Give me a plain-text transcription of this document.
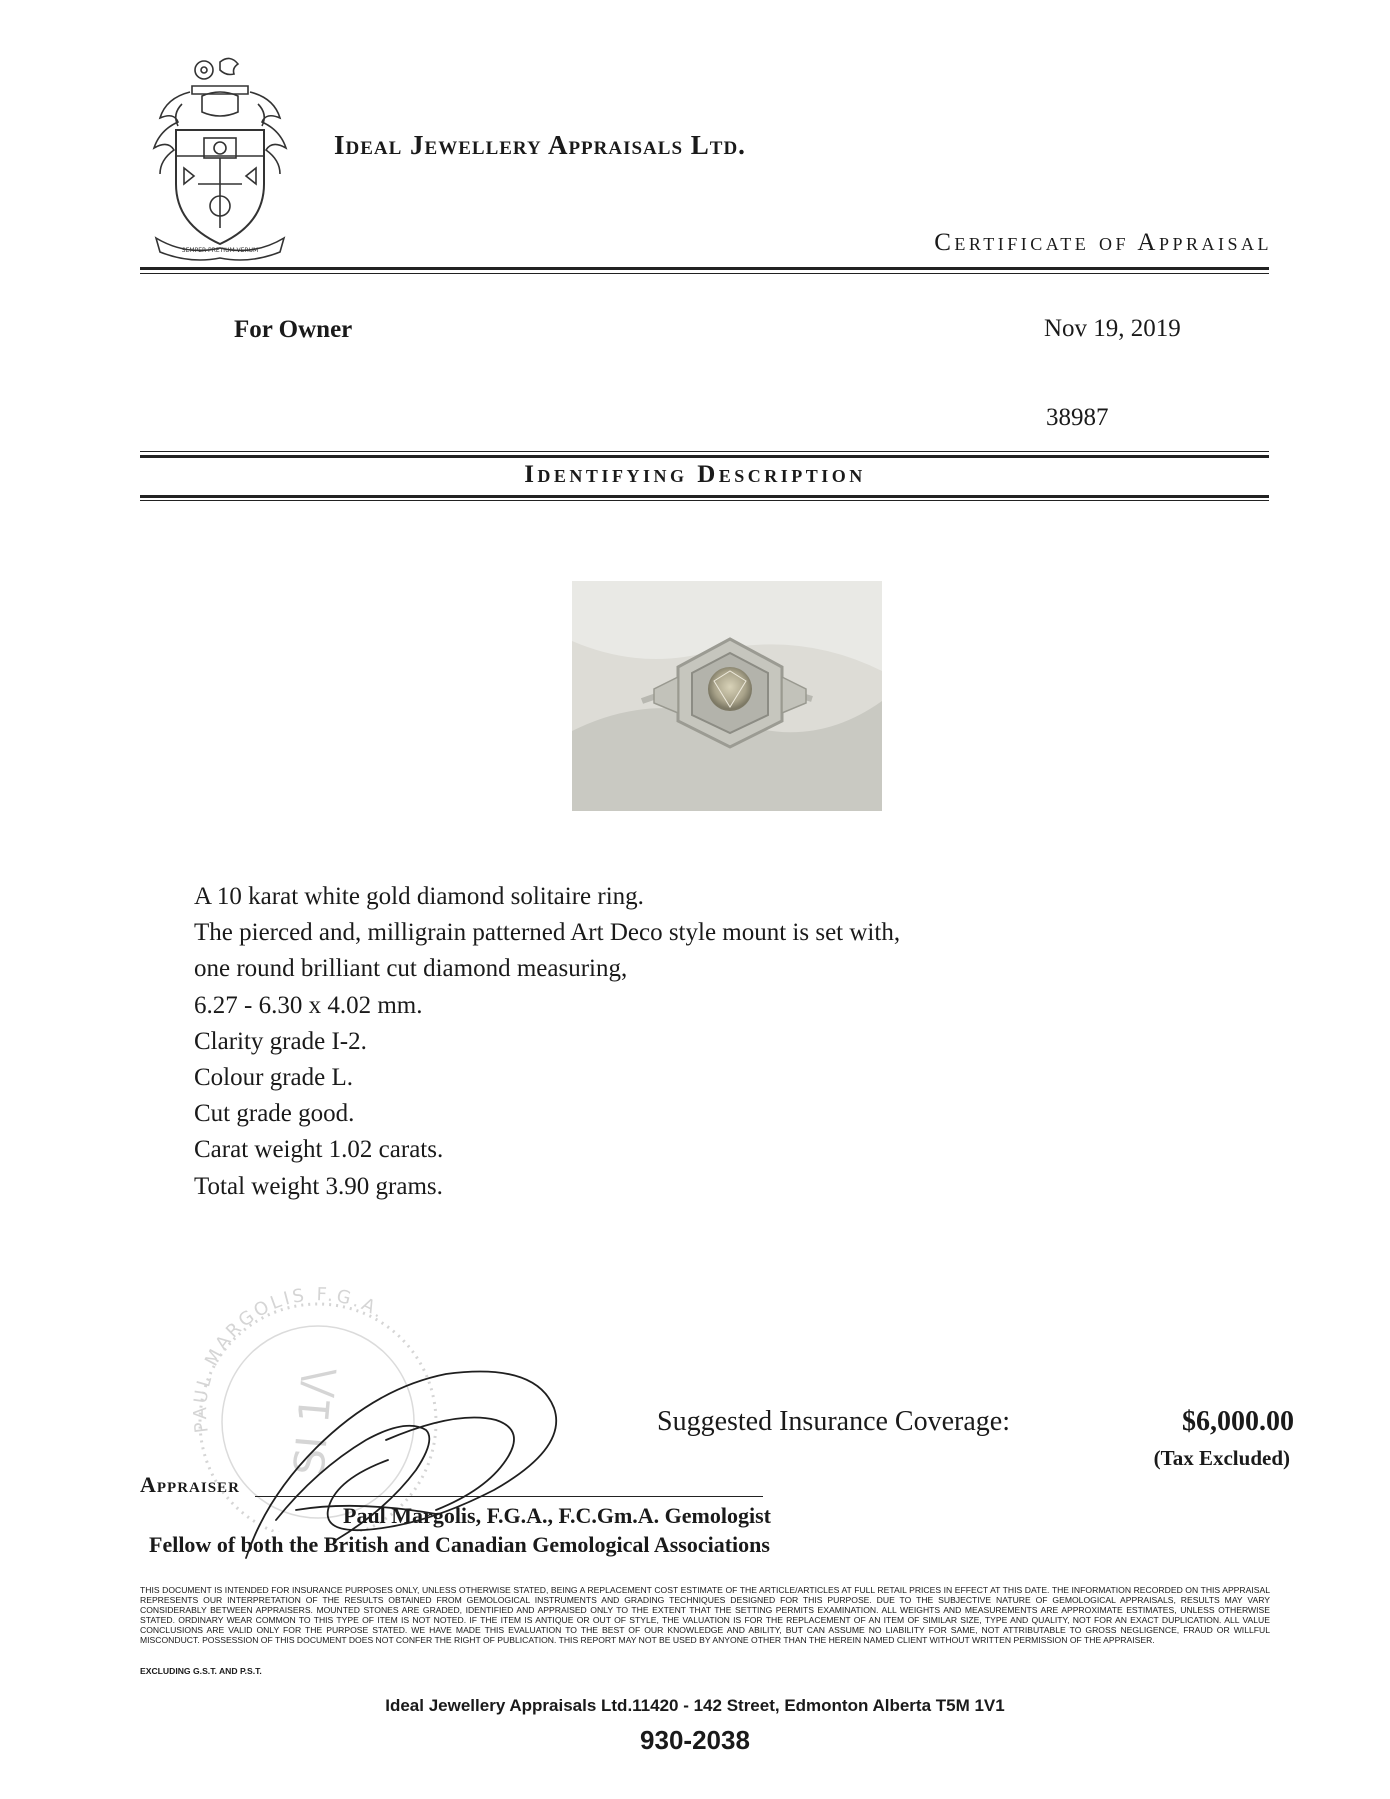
SEMPER PRETIUM VERUM
Ideal Jewellery Appraisals Ltd.
Certificate of Appraisal
For Owner	Nov 19, 2019
38987
Identifying Description
A 10 karat white gold diamond solitaire ring.
The pierced and, milligrain patterned Art Deco style mount is set with,
one round brilliant cut diamond measuring,
6.27 - 6.30 x 4.02 mm.
Clarity grade I-2.
Colour grade L.
Cut grade good.
Carat weight 1.02 carats.
Total weight 3.90 grams.
PAUL MARGOLIS F.G.A.
SI 1/\	Suggested Insurance Coverage:	$6,000.00
(Tax Excluded)
Appraiser
Paul Margolis, F.G.A., F.C.Gm.A. Gemologist
Fellow of both the British and Canadian Gemological Associations
THIS DOCUMENT IS INTENDED FOR INSURANCE PURPOSES ONLY, UNLESS OTHERWISE STATED, BEING A REPLACEMENT COST ESTIMATE OF THE ARTICLE/ARTICLES AT FULL RETAIL PRICES IN EFFECT AT THIS DATE. THE INFORMATION RECORDED ON THIS APPRAISAL REPRESENTS OUR INTERPRETATION OF THE RESULTS OBTAINED FROM GEMOLOGICAL INSTRUMENTS AND GRADING TECHNIQUES DESIGNED FOR THIS PURPOSE. DUE TO THE SUBJECTIVE NATURE OF GEMOLOGICAL APPRAISALS, RESULTS MAY VARY CONSIDERABLY BETWEEN APPRAISERS. MOUNTED STONES ARE GRADED, IDENTIFIED AND APPRAISED ONLY TO THE EXTENT THAT THE SETTING PERMITS EXAMINATION. ALL WEIGHTS AND MEASUREMENTS ARE APPROXIMATE ESTIMATES, UNLESS OTHERWISE STATED. ORDINARY WEAR COMMON TO THIS TYPE OF ITEM IS NOT NOTED. IF THE ITEM IS ANTIQUE OR OUT OF STYLE, THE VALUATION IS FOR THE REPLACEMENT OF AN ITEM OF SIMILAR SIZE, TYPE AND QUALITY, NOT FOR AN EXACT DUPLICATION. ALL VALUE CONCLUSIONS ARE VALID ONLY FOR THE PURPOSE STATED. WE HAVE MADE THIS EVALUATION TO THE BEST OF OUR KNOWLEDGE AND ABILITY, BUT CAN ASSUME NO LIABILITY FOR SAME, NOT ATTRIBUTABLE TO GROSS NEGLIGENCE, FRAUD OR WILLFUL MISCONDUCT. POSSESSION OF THIS DOCUMENT DOES NOT CONFER THE RIGHT OF PUBLICATION. THIS REPORT MAY NOT BE USED BY ANYONE OTHER THAN THE HEREIN NAMED CLIENT WITHOUT WRITTEN PERMISSION OF THE APPRAISER.
EXCLUDING G.S.T. AND P.S.T.
Ideal Jewellery Appraisals Ltd.11420 - 142 Street, Edmonton Alberta T5M 1V1
930-2038
